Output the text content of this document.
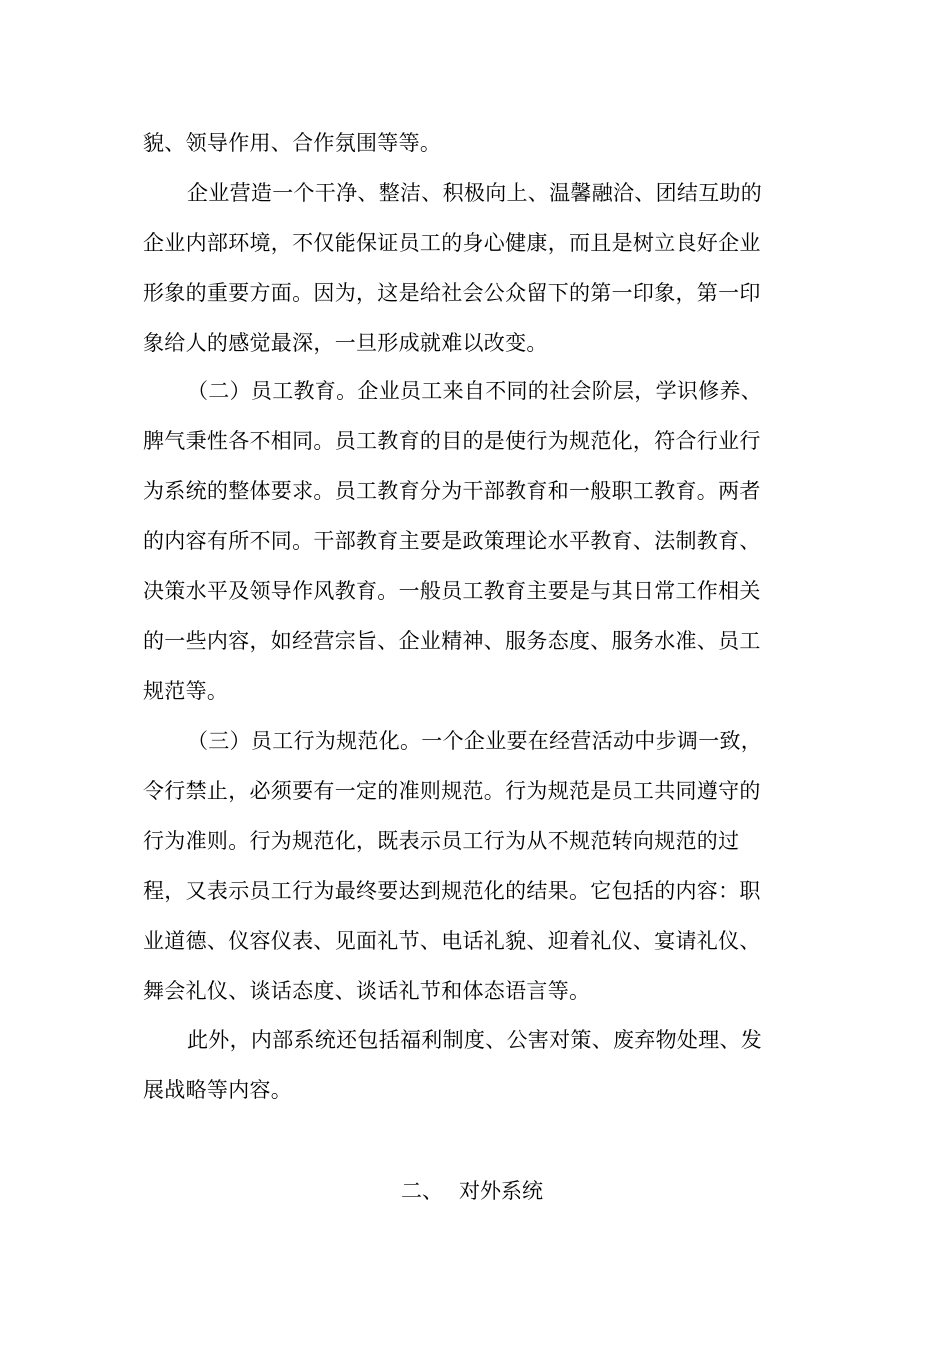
貌、领导作用、合作氛围等等。
企业营造一个干净、整洁、积极向上、温馨融洽、团结互助的
企业内部环境，不仅能保证员工的身心健康，而且是树立良好企业
形象的重要方面。因为，这是给社会公众留下的第一印象，第一印
象给人的感觉最深，一旦形成就难以改变。
（二）员工教育。企业员工来自不同的社会阶层，学识修养、
脾气秉性各不相同。员工教育的目的是使行为规范化，符合行业行
为系统的整体要求。员工教育分为干部教育和一般职工教育。两者
的内容有所不同。干部教育主要是政策理论水平教育、法制教育、
决策水平及领导作风教育。一般员工教育主要是与其日常工作相关
的一些内容，如经营宗旨、企业精神、服务态度、服务水准、员工
规范等。
（三）员工行为规范化。一个企业要在经营活动中步调一致，
令行禁止，必须要有一定的准则规范。行为规范是员工共同遵守的
行为准则。行为规范化，既表示员工行为从不规范转向规范的过
程，又表示员工行为最终要达到规范化的结果。它包括的内容：职
业道德、仪容仪表、见面礼节、电话礼貌、迎着礼仪、宴请礼仪、
舞会礼仪、谈话态度、谈话礼节和体态语言等。
此外，内部系统还包括福利制度、公害对策、废弃物处理、发
展战略等内容。
二、 对外系统
